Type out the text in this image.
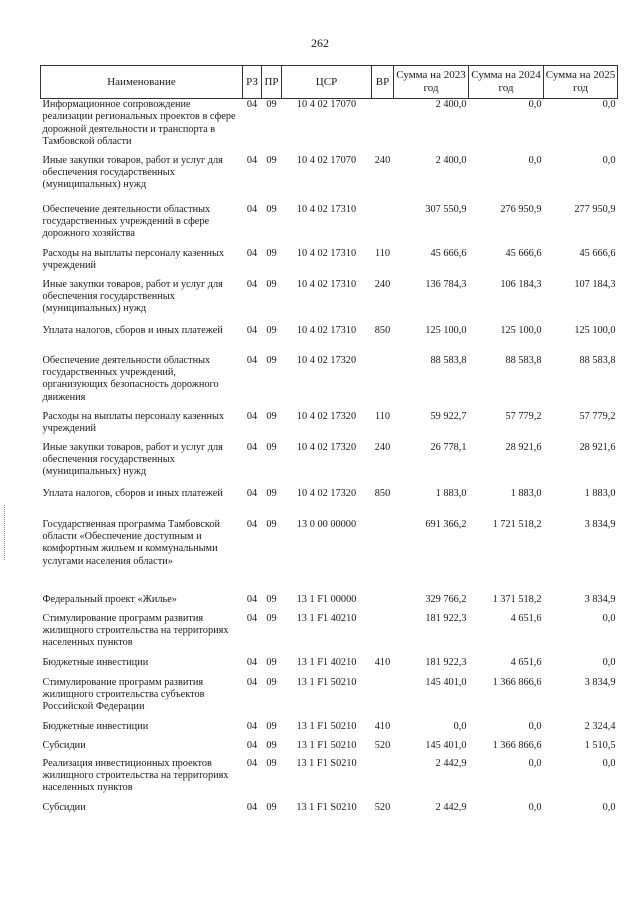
262
Наименование	РЗ	ПР	ЦСР	ВР	Сумма на 2023 год	Сумма на 2024 год	Сумма на 2025 год
Информационное сопровождение реализации региональных проектов в сфере дорожной деятельности и транспорта в Тамбовской области	04	09	10 4 02 17070		2 400,0	0,0	0,0
Иные закупки товаров, работ и услуг для обеспечения государственных (муниципальных) нужд	04	09	10 4 02 17070	240	2 400,0	0,0	0,0
Обеспечение деятельности областных государственных учреждений в сфере дорожного хозяйства	04	09	10 4 02 17310		307 550,9	276 950,9	277 950,9
Расходы на выплаты персоналу казенных учреждений	04	09	10 4 02 17310	110	45 666,6	45 666,6	45 666,6
Иные закупки товаров, работ и услуг для обеспечения государственных (муниципальных) нужд	04	09	10 4 02 17310	240	136 784,3	106 184,3	107 184,3
Уплата налогов, сборов и иных платежей	04	09	10 4 02 17310	850	125 100,0	125 100,0	125 100,0
Обеспечение деятельности областных государственных учреждений, организующих безопасность дорожного движения	04	09	10 4 02 17320		88 583,8	88 583,8	88 583,8
Расходы на выплаты персоналу казенных учреждений	04	09	10 4 02 17320	110	59 922,7	57 779,2	57 779,2
Иные закупки товаров, работ и услуг для обеспечения государственных (муниципальных) нужд	04	09	10 4 02 17320	240	26 778,1	28 921,6	28 921,6
Уплата налогов, сборов и иных платежей	04	09	10 4 02 17320	850	1 883,0	1 883,0	1 883,0
Государственная программа Тамбовской области «Обеспечение доступным и комфортным жильем и коммунальными услугами населения области»	04	09	13 0 00 00000		691 366,2	1 721 518,2	3 834,9
Федеральный проект «Жилье»	04	09	13 1 F1 00000		329 766,2	1 371 518,2	3 834,9
Стимулирование программ развития жилищного строительства на территориях населенных пунктов	04	09	13 1 F1 40210		181 922,3	4 651,6	0,0
Бюджетные инвестиции	04	09	13 1 F1 40210	410	181 922,3	4 651,6	0,0
Стимулирование программ развития жилищного строительства субъектов Российской Федерации	04	09	13 1 F1 50210		145 401,0	1 366 866,6	3 834,9
Бюджетные инвестиции	04	09	13 1 F1 50210	410	0,0	0,0	2 324,4
Субсидии	04	09	13 1 F1 50210	520	145 401,0	1 366 866,6	1 510,5
Реализация инвестиционных проектов жилищного строительства на территориях населенных пунктов	04	09	13 1 F1 S0210		2 442,9	0,0	0,0
Субсидии	04	09	13 1 F1 S0210	520	2 442,9	0,0	0,0
